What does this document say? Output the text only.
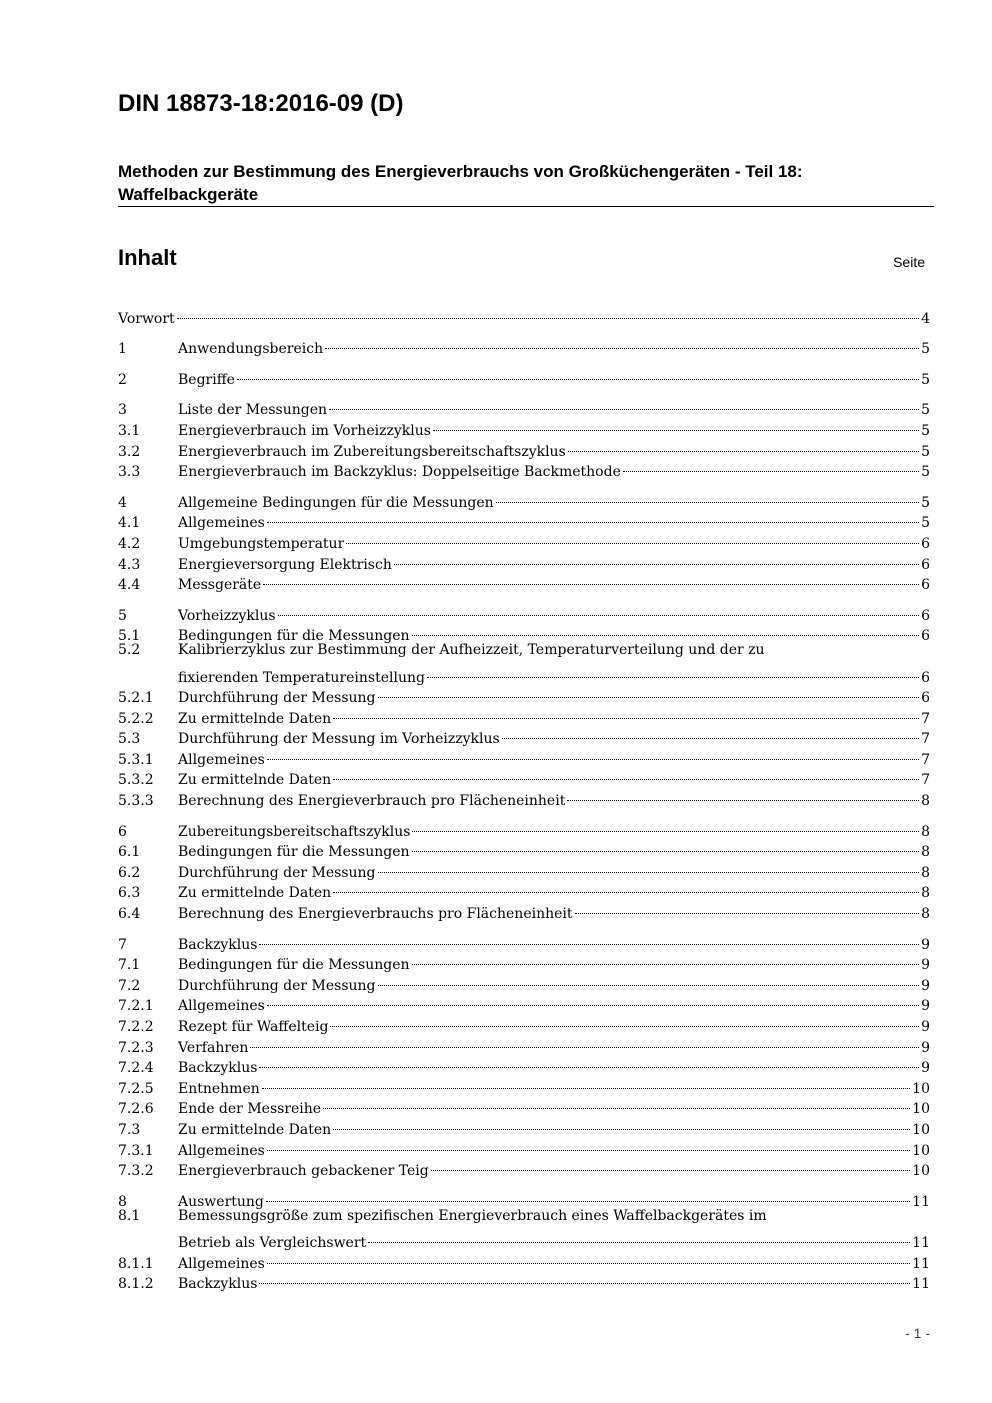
DIN 18873-18:2016-09 (D)
Methoden zur Bestimmung des Energieverbrauchs von Großküchengeräten - Teil 18: Waffelbackgeräte
Inhalt	Seite
Vorwort	4
1	Anwendungsbereich	5
2	Begriffe	5
3	Liste der Messungen	5
3.1	Energieverbrauch im Vorheizzyklus	5
3.2	Energieverbrauch im Zubereitungsbereitschaftszyklus	5
3.3	Energieverbrauch im Backzyklus: Doppelseitige Backmethode	5
4	Allgemeine Bedingungen für die Messungen	5
4.1	Allgemeines	5
4.2	Umgebungstemperatur	6
4.3	Energieversorgung Elektrisch	6
4.4	Messgeräte	6
5	Vorheizzyklus	6
5.1	Bedingungen für die Messungen	6
5.2	Kalibrierzyklus zur Bestimmung der Aufheizzeit, Temperaturverteilung und der zu
fixierenden Temperatureinstellung	6
5.2.1	Durchführung der Messung	6
5.2.2	Zu ermittelnde Daten	7
5.3	Durchführung der Messung im Vorheizzyklus	7
5.3.1	Allgemeines	7
5.3.2	Zu ermittelnde Daten	7
5.3.3	Berechnung des Energieverbrauch pro Flächeneinheit	8
6	Zubereitungsbereitschaftszyklus	8
6.1	Bedingungen für die Messungen	8
6.2	Durchführung der Messung	8
6.3	Zu ermittelnde Daten	8
6.4	Berechnung des Energieverbrauchs pro Flächeneinheit	8
7	Backzyklus	9
7.1	Bedingungen für die Messungen	9
7.2	Durchführung der Messung	9
7.2.1	Allgemeines	9
7.2.2	Rezept für Waffelteig	9
7.2.3	Verfahren	9
7.2.4	Backzyklus	9
7.2.5	Entnehmen	10
7.2.6	Ende der Messreihe	10
7.3	Zu ermittelnde Daten	10
7.3.1	Allgemeines	10
7.3.2	Energieverbrauch gebackener Teig	10
8	Auswertung	11
8.1	Bemessungsgröße zum spezifischen Energieverbrauch eines Waffelbackgerätes im
Betrieb als Vergleichswert	11
8.1.1	Allgemeines	11
8.1.2	Backzyklus	11
- 1 -
